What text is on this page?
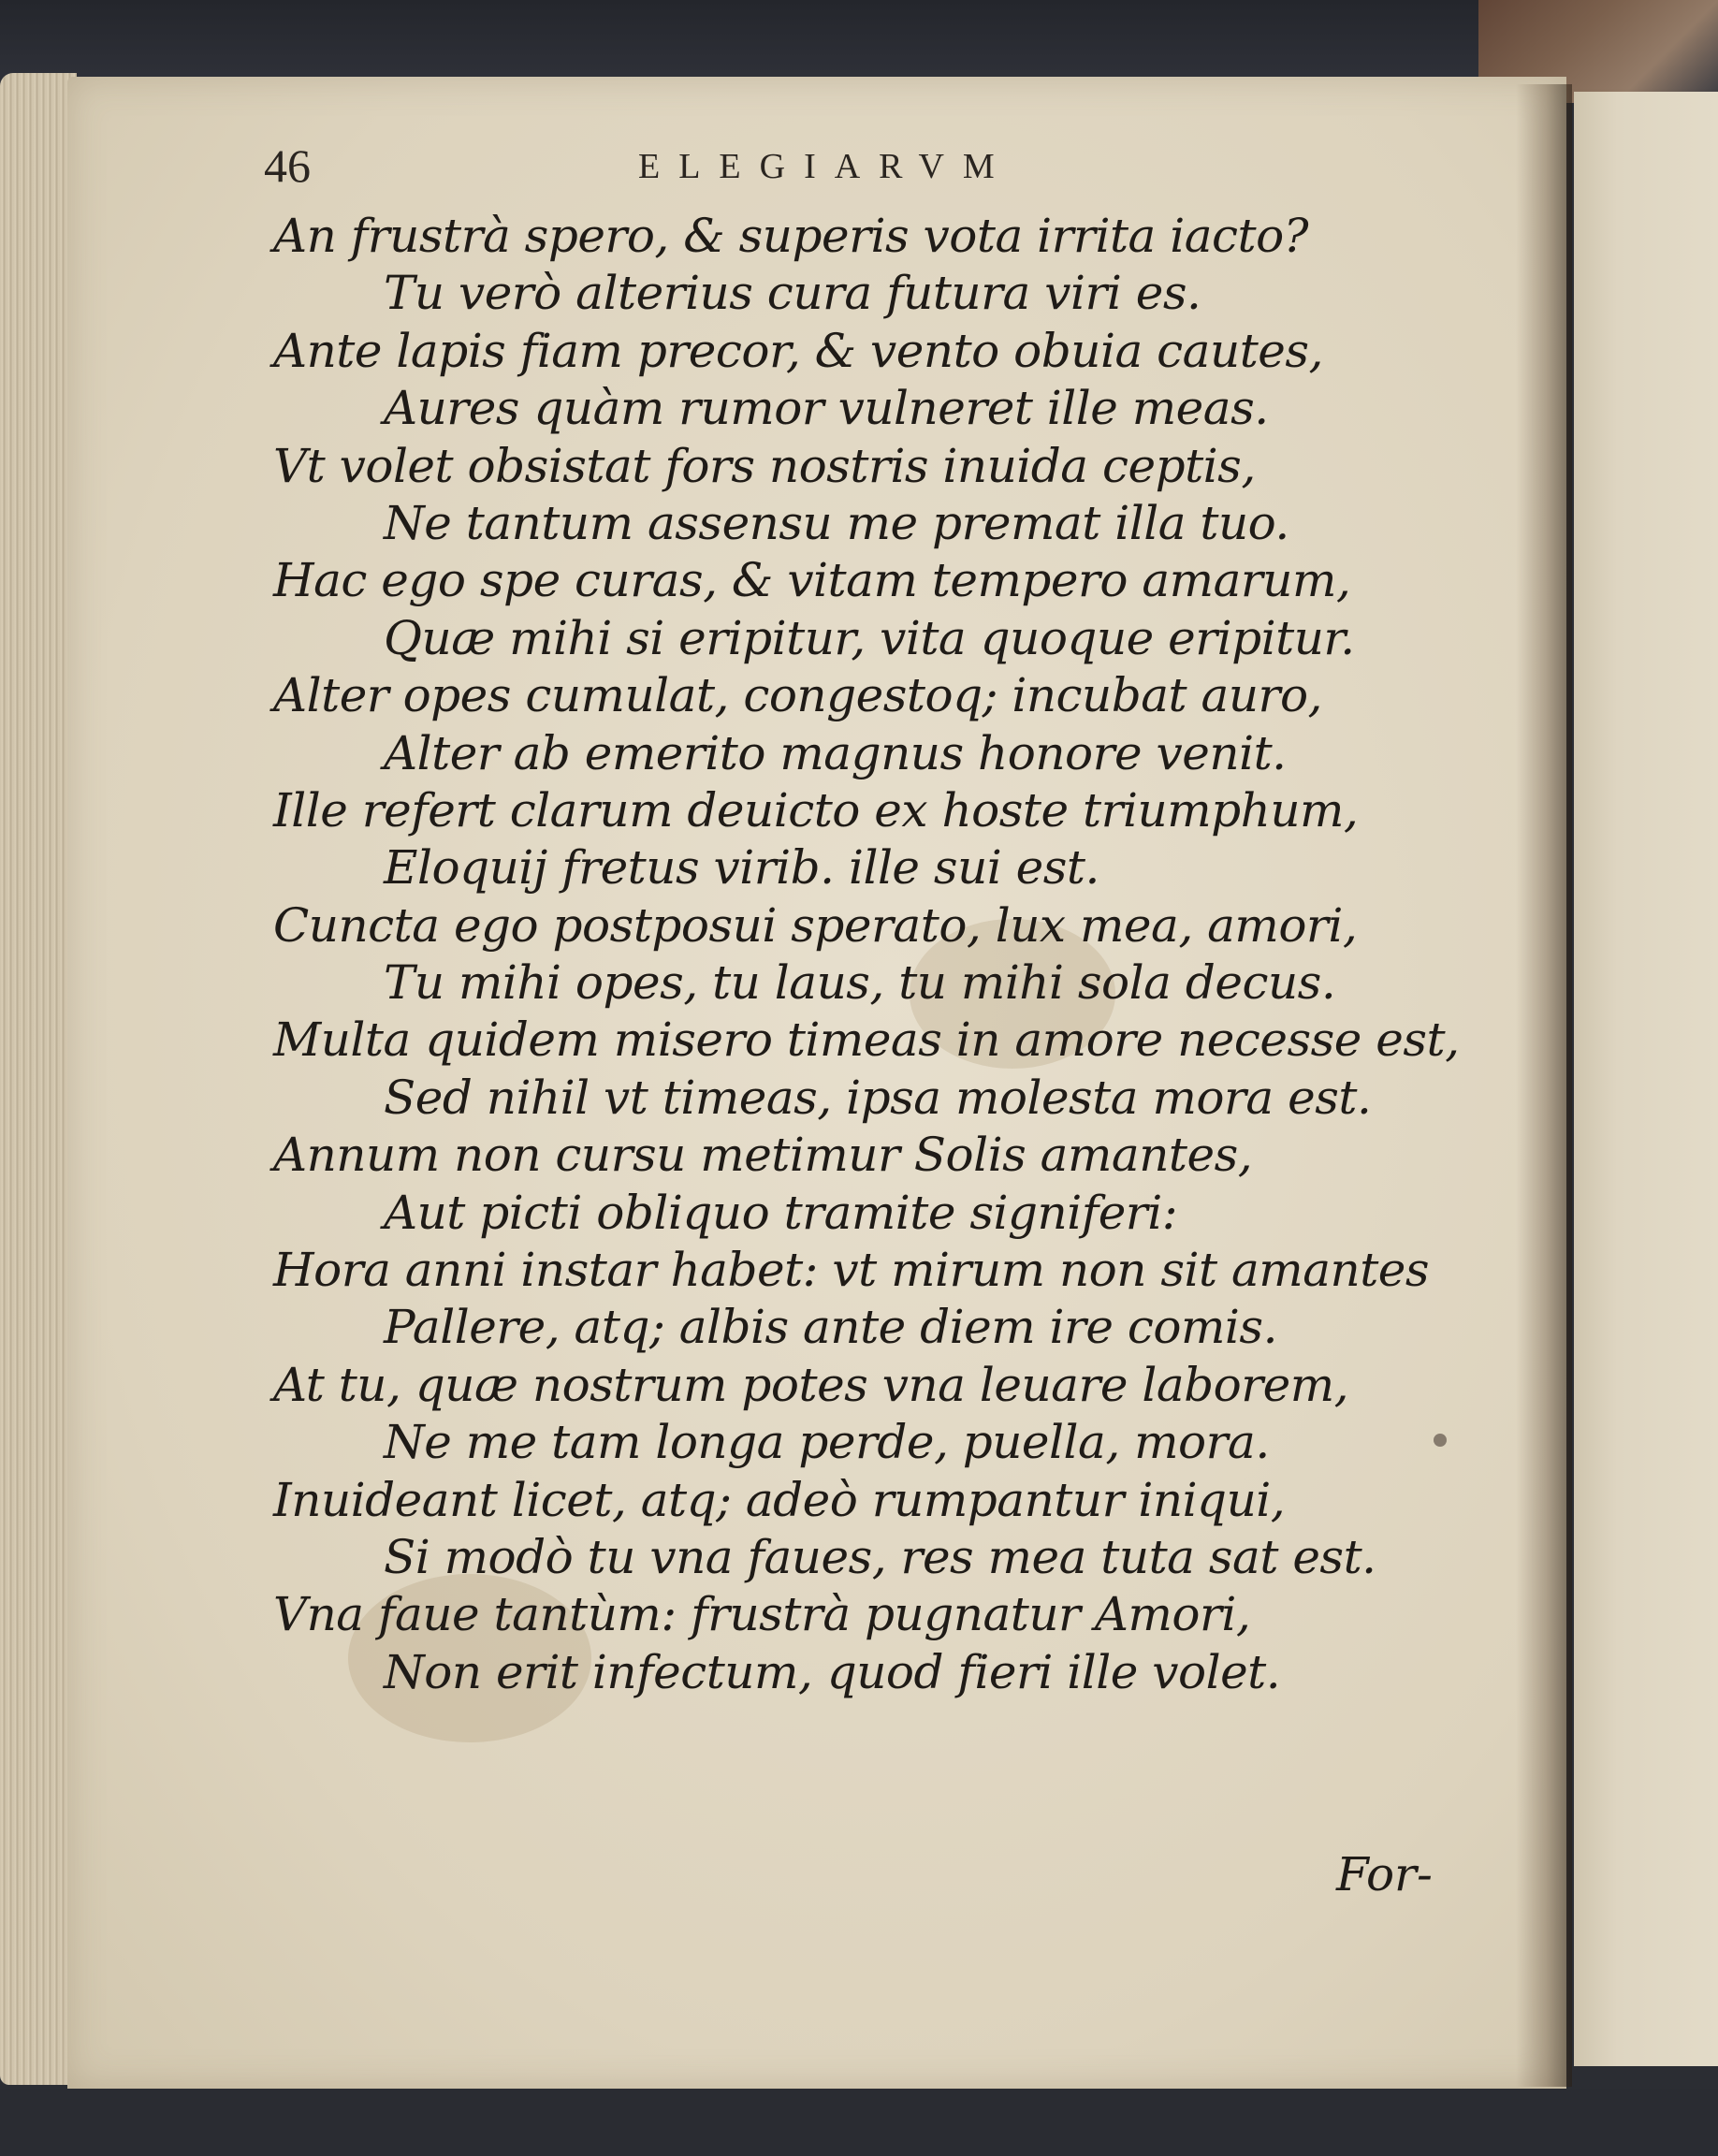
46	ELEGIARVM
An frustrà spero, & superis vota irrita iacto?
Tu verò alterius cura futura viri es.
Ante lapis fiam precor, & vento obuia cautes,
Aures quàm rumor vulneret ille meas.
Vt volet obsistat fors nostris inuida ceptis,
Ne tantum assensu me premat illa tuo.
Hac ego spe curas, & vitam tempero amarum,
Quæ mihi si eripitur, vita quoque eripitur.
Alter opes cumulat, congestoq; incubat auro,
Alter ab emerito magnus honore venit.
Ille refert clarum deuicto ex hoste triumphum,
Eloquij fretus virib. ille sui est.
Cuncta ego postposui sperato, lux mea, amori,
Tu mihi opes, tu laus, tu mihi sola decus.
Multa quidem misero timeas in amore necesse est,
Sed nihil vt timeas, ipsa molesta mora est.
Annum non cursu metimur Solis amantes,
Aut picti obliquo tramite signiferi:
Hora anni instar habet: vt mirum non sit amantes
Pallere, atq; albis ante diem ire comis.
At tu, quæ nostrum potes vna leuare laborem,
Ne me tam longa perde, puella, mora.
Inuideant licet, atq; adeò rumpantur iniqui,
Si modò tu vna faues, res mea tuta sat est.
Vna faue tantùm: frustrà pugnatur Amori,
Non erit infectum, quod fieri ille volet.
For-
